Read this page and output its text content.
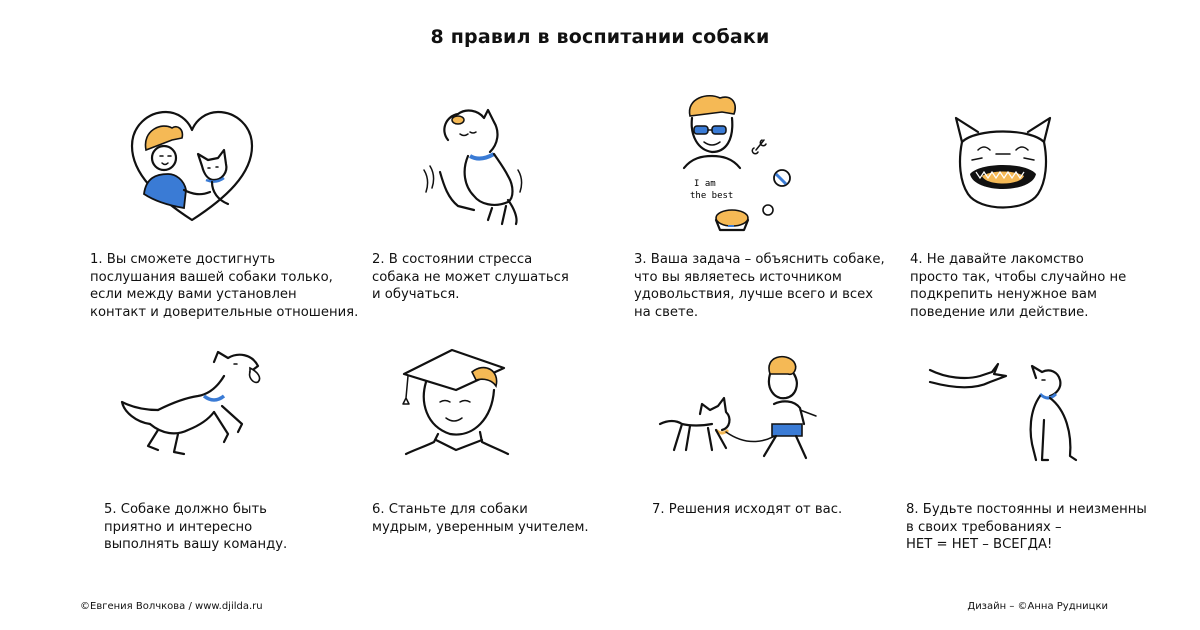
8 правил в воспитании собаки
I am
the best
1. Вы сможете достигнуть
послушания вашей собаки только,
если между вами установлен
контакт и доверительные отношения.
2. В состоянии стресса
собака не может слушаться
и обучаться.
3. Ваша задача – объяснить собаке,
что вы являетесь источником
удовольствия, лучше всего и всех
на свете.
4. Не давайте лакомство
просто так, чтобы случайно не
подкрепить ненужное вам
поведение или действие.
5. Собаке должно быть
приятно и интересно
выполнять вашу команду.
6. Станьте для собаки
мудрым, уверенным учителем.
7. Решения исходят от вас.	8. Будьте постоянны и неизменны
в своих требованиях –
НЕТ = НЕТ – ВСЕГДА!
©Евгения Волчкова / www.djilda.ru	Дизайн – ©Анна Рудницки
